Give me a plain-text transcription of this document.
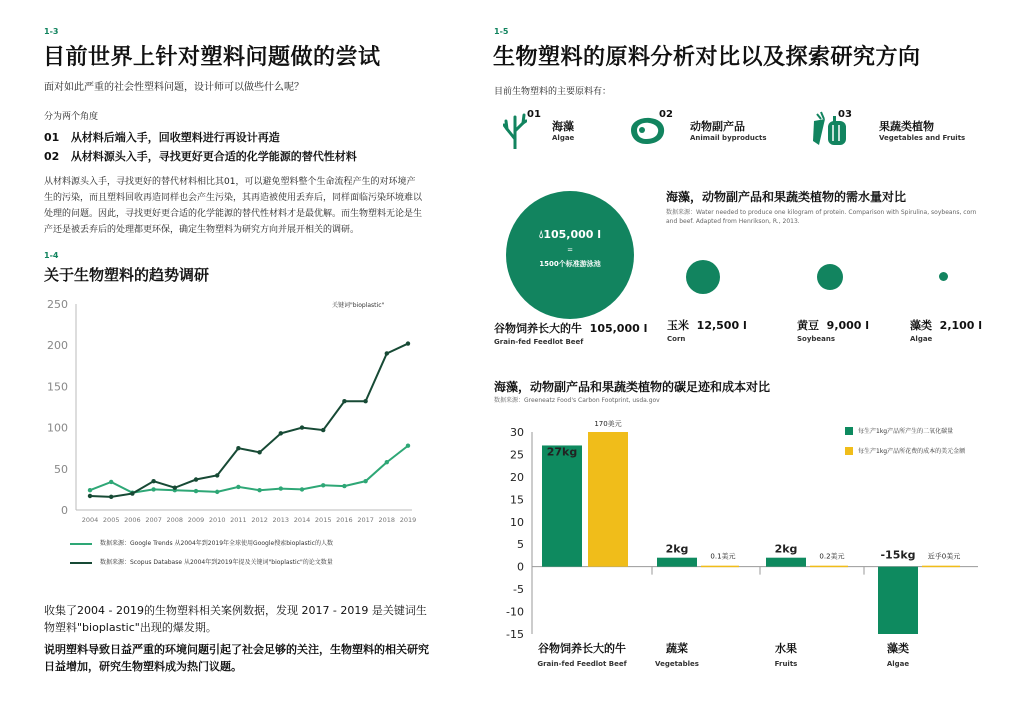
1-3
目前世界上针对塑料问题做的尝试
面对如此严重的社会性塑料问题，设计师可以做些什么呢？
分为两个角度
01 从材料后端入手，回收塑料进行再设计再造
02 从材料源头入手，寻找更好更合适的化学能源的替代性材料
从材料源头入手，寻找更好的替代材料相比其01，可以避免塑料整个生命流程产生的对环境产生的污染，而且塑料回收再造同样也会产生污染，其再造被使用丢弃后，同样面临污染环境难以处理的问题。因此，寻找更好更合适的化学能源的替代性材料才是最优解。而生物塑料无论是生产还是被丢弃后的处理都更环保，确定生物塑料为研究方向并展开相关的调研。
1-4
关于生物塑料的趋势调研
0
50
100
150
200
250
2004 2005 2006 2007 2008 2009 2010 2011 2012 2013 2014 2015 2016 2017 2018 2019
关键词"bioplastic"
数据来源：Google Trends 从2004年到2019年全球使用Google搜索bioplastic的人数
数据来源：Scopus Database 从2004年到2019年提及关键词"bioplastic"的论文数量
收集了2004 - 2019的生物塑料相关案例数据，发现 2017 - 2019 是关键词生物塑料"bioplastic"出现的爆发期。
说明塑料导致日益严重的环境问题引起了社会足够的关注，生物塑料的相关研究日益增加，研究生物塑料成为热门议题。
1-5
生物塑料的原料分析对比以及探索研究方向
目前生物塑料的主要原料有：
01
海藻
Algae
02
动物副产品
Animail byproducts
03
果蔬类植物
Vegetables and Fruits
海藻，动物副产品和果蔬类植物的需水量对比
数据来源：Water needed to produce one kilogram of protein. Comparison with Spirulina, soybeans, corn and beef. Adapted from Henrikson, R., 2013.
💧︎105,000 l
=
1500个标准游泳池
谷物饲养长大的牛 105,000 l
Grain-fed Feedlot Beef
玉米 12,500 l
Corn
黄豆 9,000 l
Soybeans
藻类 2,100 l
Algae
海藻，动物副产品和果蔬类植物的碳足迹和成本对比
数据来源：Greeneatz Food's Carbon Footprint, usda.gov
30
25
20
15
10
5
0
-5
-10
-15
27kg
170美元
谷物饲养长大的牛
Grain-fed Feedlot Beef
2kg
0.1美元
蔬菜
Vegetables
2kg
0.2美元
水果
Fruits
-15kg 近乎0美元
藻类
Algae
每生产1kg产品所产生的二氧化碳量
每生产1kg产品所花费的成本的美元金额
